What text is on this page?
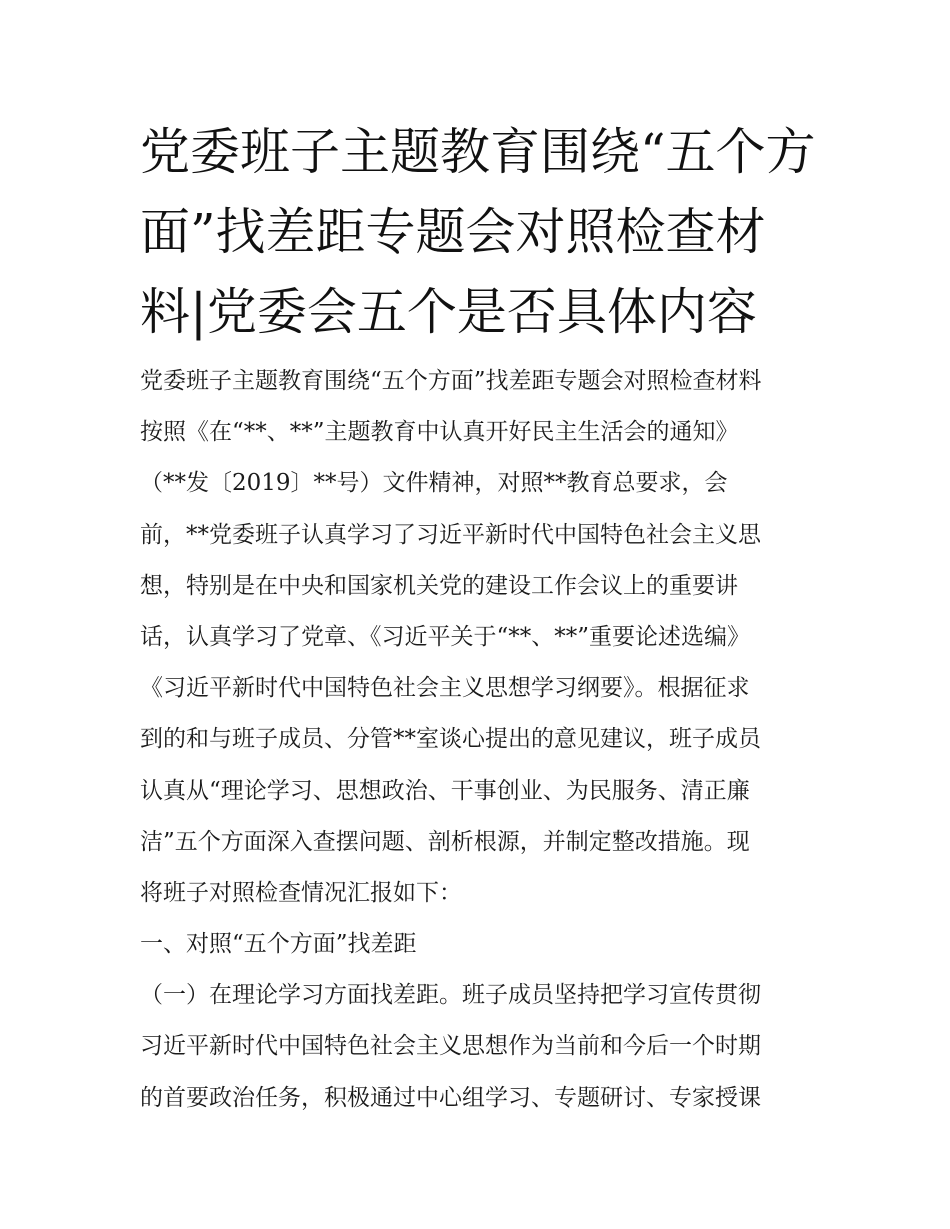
党委班子主题教育围绕“五个方
面”找差距专题会对照检查材
料|党委会五个是否具体内容
党委班子主题教育围绕“五个方面”找差距专题会对照检查材料
按照《在“**、**”主题教育中认真开好民主生活会的通知》
（**发〔2019〕**号）文件精神，对照**教育总要求，会
前，**党委班子认真学习了习近平新时代中国特色社会主义思
想，特别是在中央和国家机关党的建设工作会议上的重要讲
话，认真学习了党章、《习近平关于“**、**”重要论述选编》
《习近平新时代中国特色社会主义思想学习纲要》。根据征求
到的和与班子成员、分管**室谈心提出的意见建议，班子成员
认真从“理论学习、思想政治、干事创业、为民服务、清正廉
洁”五个方面深入查摆问题、剖析根源，并制定整改措施。现
将班子对照检查情况汇报如下：
一、对照“五个方面”找差距
（一）在理论学习方面找差距。班子成员坚持把学习宣传贯彻
习近平新时代中国特色社会主义思想作为当前和今后一个时期
的首要政治任务，积极通过中心组学习、专题研讨、专家授课
